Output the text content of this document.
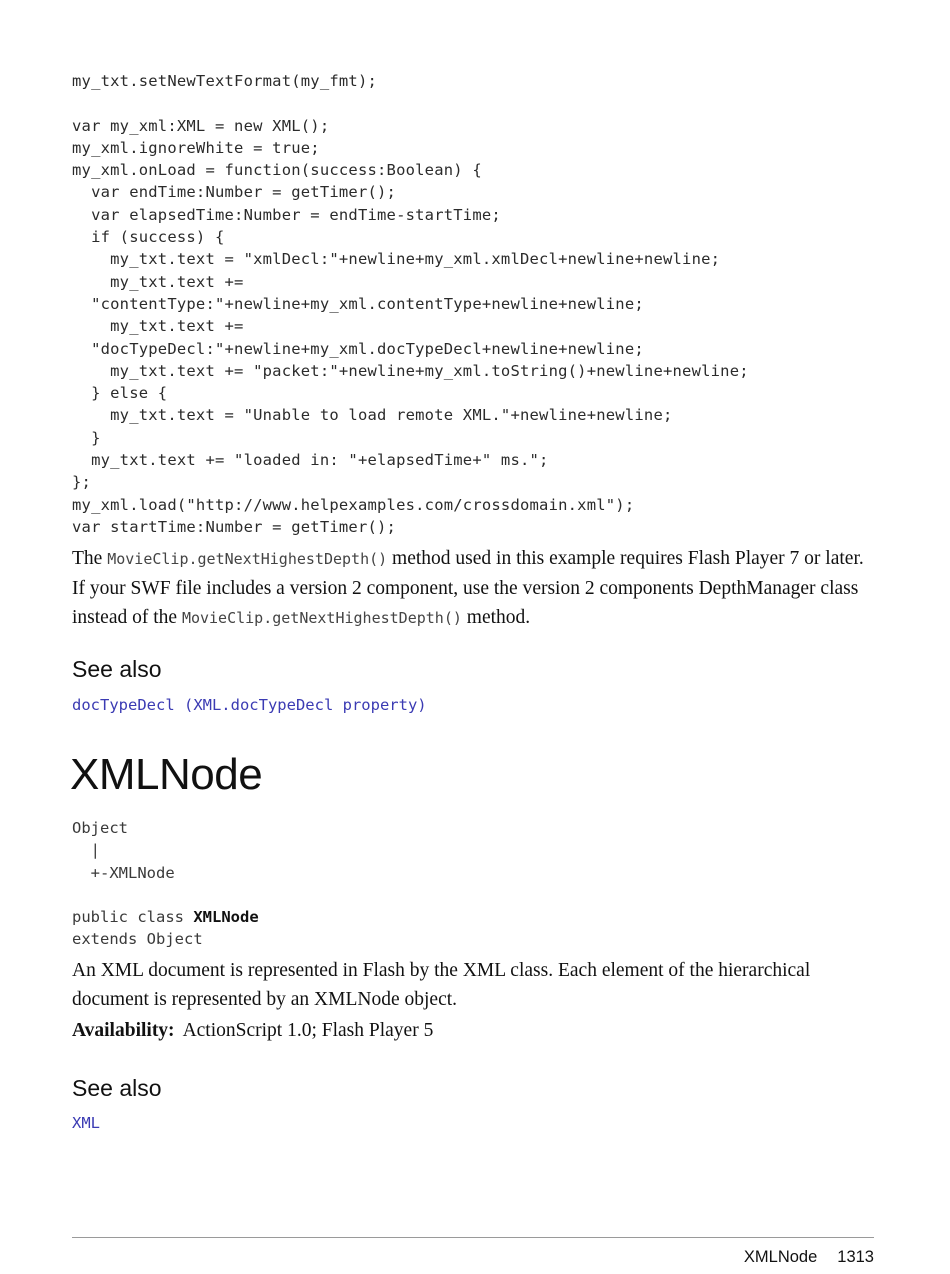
my_txt.setNewTextFormat(my_fmt);

var my_xml:XML = new XML();
my_xml.ignoreWhite = true;
my_xml.onLoad = function(success:Boolean) {
var endTime:Number = getTimer();
var elapsedTime:Number = endTime-startTime;
if (success) {
my_txt.text = "xmlDecl:"+newline+my_xml.xmlDecl+newline+newline;
my_txt.text +=
"contentType:"+newline+my_xml.contentType+newline+newline;
my_txt.text +=
"docTypeDecl:"+newline+my_xml.docTypeDecl+newline+newline;
my_txt.text += "packet:"+newline+my_xml.toString()+newline+newline;
} else {
my_txt.text = "Unable to load remote XML."+newline+newline;
}
my_txt.text += "loaded in: "+elapsedTime+" ms.";
};
my_xml.load("http://www.helpexamples.com/crossdomain.xml");
var startTime:Number = getTimer();

The MovieClip.getNextHighestDepth() method used in this example requires Flash Player 7 or later. If your SWF file includes a version 2 component, use the version 2 components DepthManager class instead of the MovieClip.getNextHighestDepth() method.

See also
docTypeDecl (XML.docTypeDecl property)
XMLNode
Object
|
+-XMLNode
public class XMLNode
extends Object

An XML document is represented in Flash by the XML class. Each element of the hierarchical document is represented by an XMLNode object.

Availability: ActionScript 1.0; Flash Player 5

See also
XML
XMLNode 1313
